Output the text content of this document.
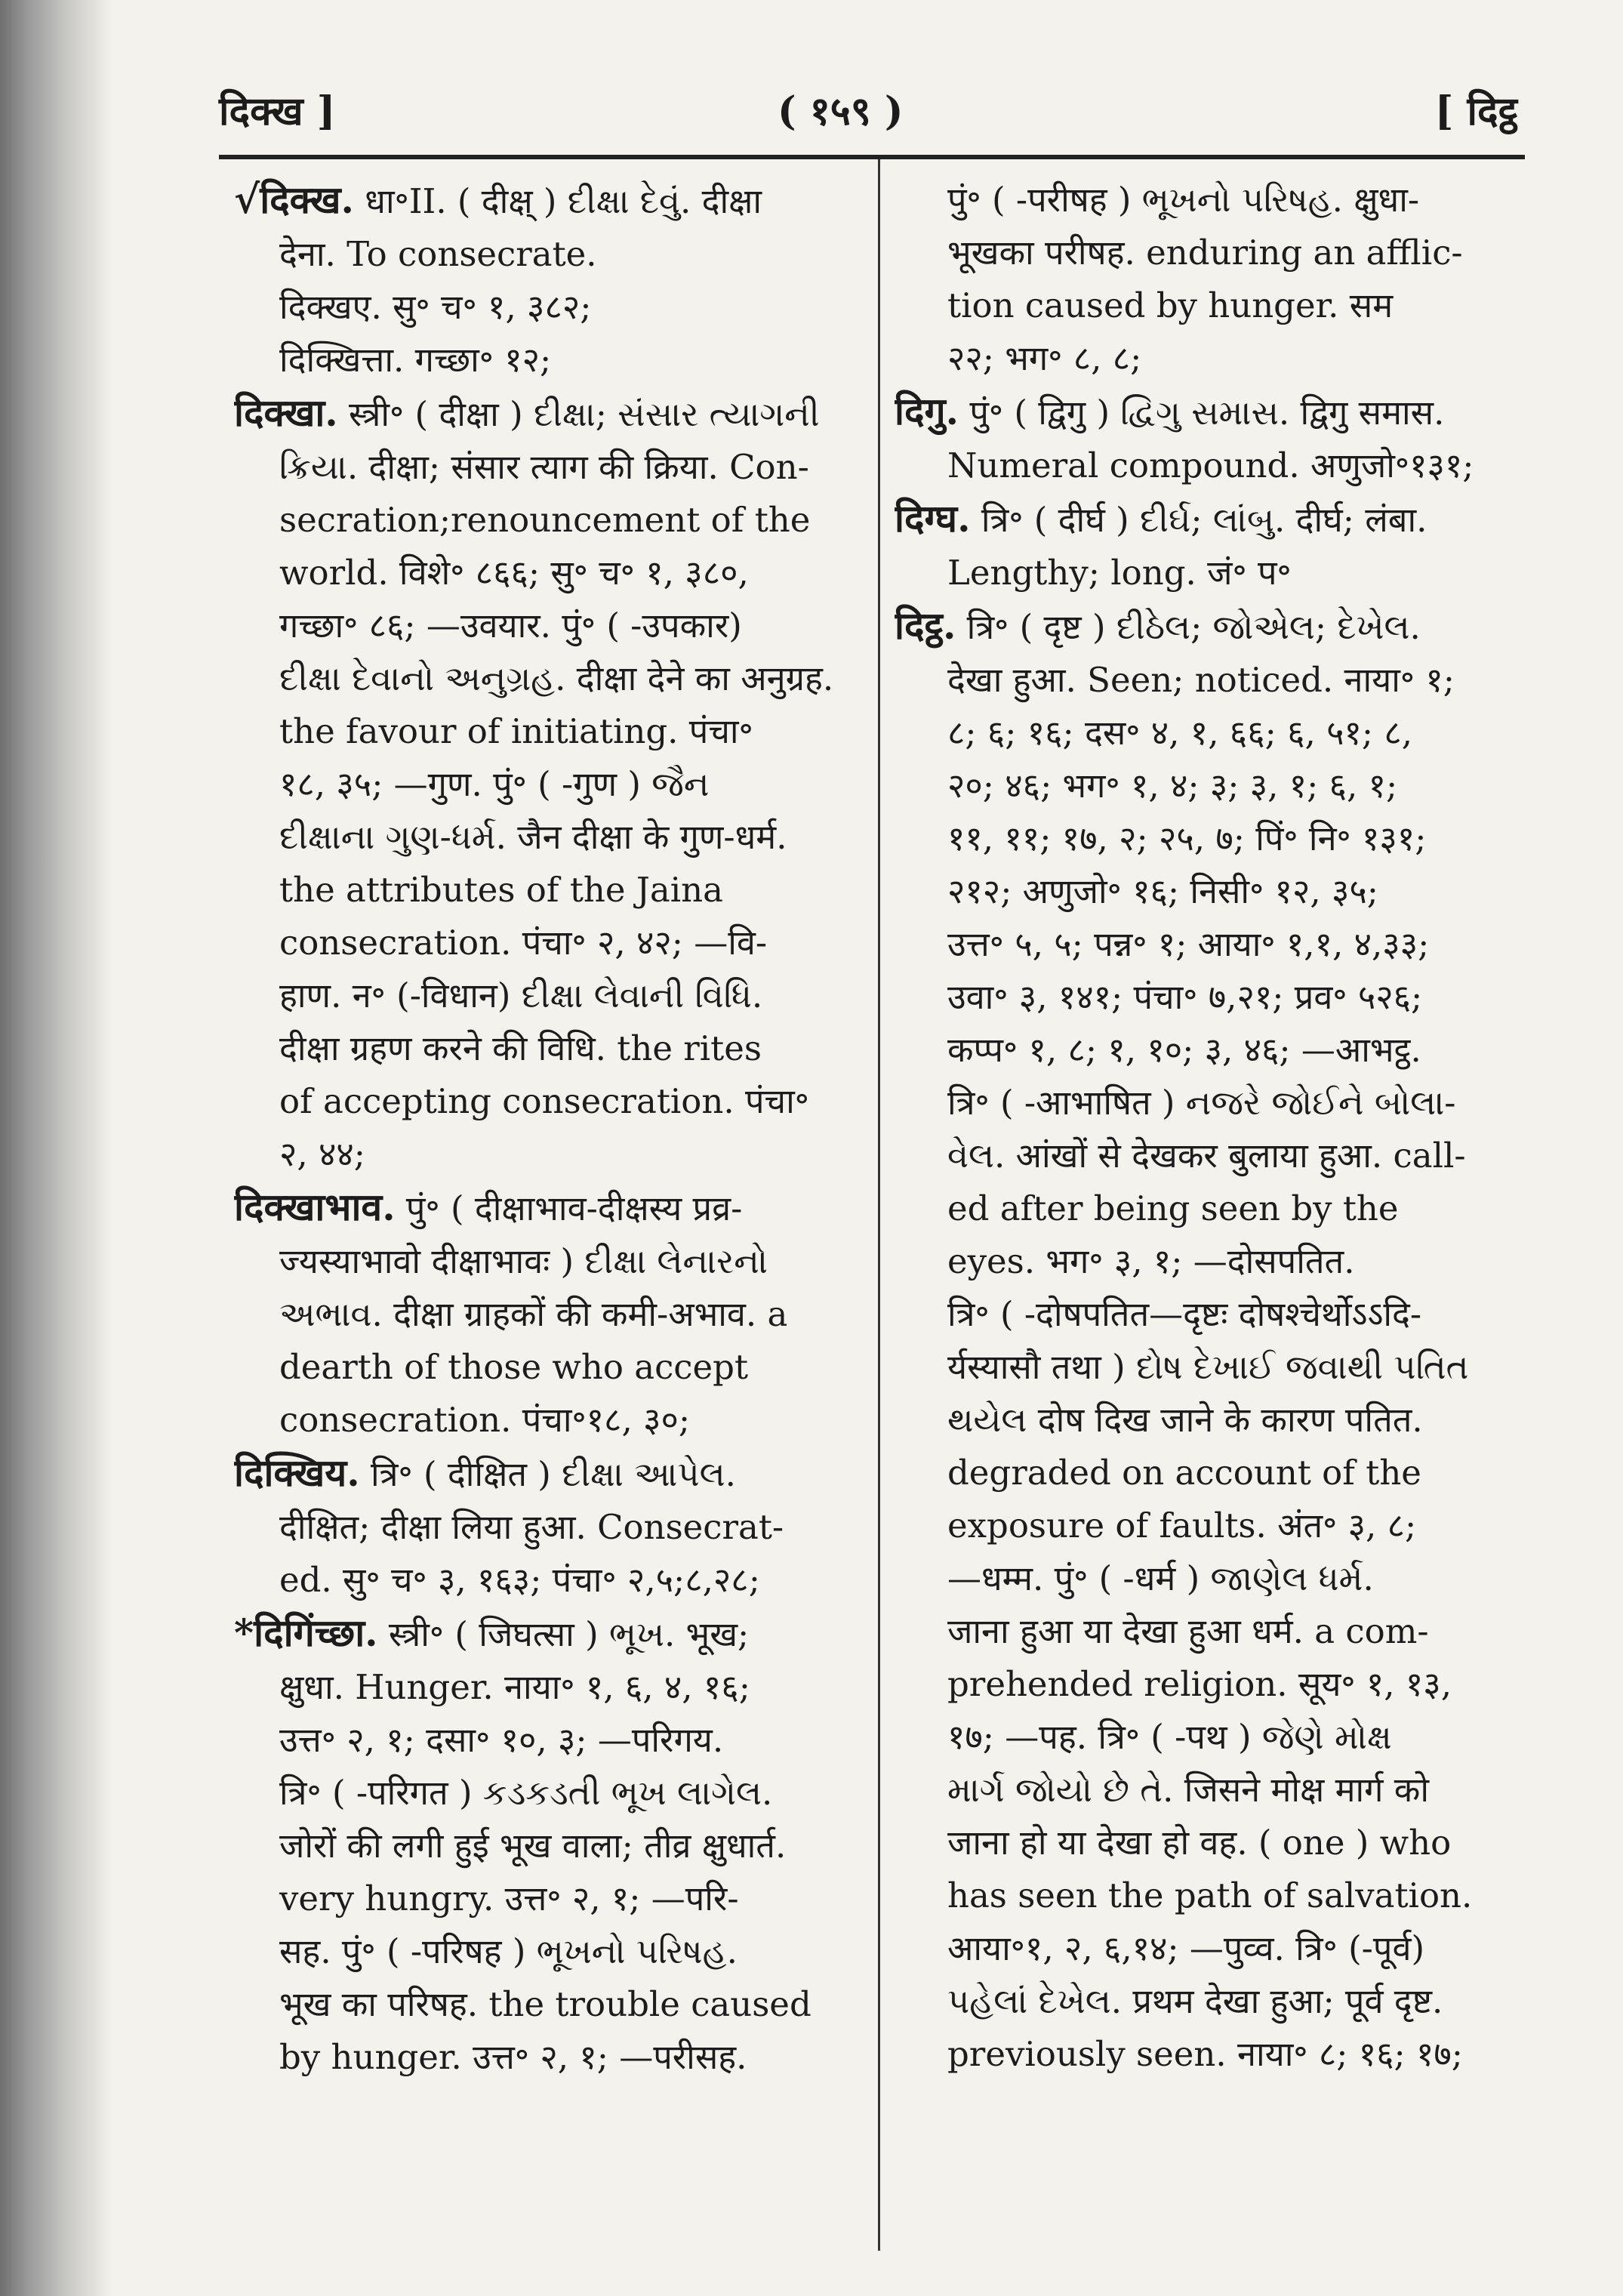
दिक्ख ]	( १५९ )	[ दिट्ठ
√दिक्ख. धा॰II. ( दीक्ष् ) દીક્ષા દેવું. दीक्षा
देना. To consecrate.
दिक्खए. सु॰ च॰ १, ३८२;
दिक्खित्ता. गच्छा॰ १२;
दिक्खा. स्त्री॰ ( दीक्षा ) દીક્ષા; સંસાર ત્યાગની
ક્રિયા. दीक्षा; संसार त्याग की क्रिया. Con-
secration;renouncement of the
world. विशे॰ ८६६; सु॰ च॰ १, ३८०,
गच्छा॰ ८६; —उवयार. पुं॰ ( -उपकार)
દીક્ષા દેવાનો અનુગ્રહ. दीक्षा देने का अनुग्रह.
the favour of initiating. पंचा॰
१८, ३५; —गुण. पुं॰ ( -गुण ) જૈન
દીક્ષાના ગુણ-ધર્મ. जैन दीक्षा के गुण-धर्म.
the attributes of the Jaina
consecration. पंचा॰ २, ४२; —वि-
हाण. न॰ (-विधान) દીક્ષા લેવાની વિધિ.
दीक्षा ग्रहण करने की विधि. the rites
of accepting consecration. पंचा॰
२, ४४;
दिक्खाभाव. पुं॰ ( दीक्षाभाव-दीक्षस्य प्रव्र-
ज्यस्याभावो दीक्षाभावः ) દીક્ષા લેનારનો
અભાવ. दीक्षा ग्राहकों की कमी-अभाव. a
dearth of those who accept
consecration. पंचा॰१८, ३०;
दिक्खिय. त्रि॰ ( दीक्षित ) દીક્ષા આપેલ.
दीक्षित; दीक्षा लिया हुआ. Consecrat-
ed. सु॰ च॰ ३, १६३; पंचा॰ २,५;८,२८;
*दिगिंच्छा. स्त्री॰ ( जिघत्सा ) ભૂખ. भूख;
क्षुधा. Hunger. नाया॰ १, ६, ४, १६;
उत्त॰ २, १; दसा॰ १०, ३; —परिगय.
त्रि॰ ( -परिगत ) કડકડતી ભૂખ લાગેલ.
जोरों की लगी हुई भूख वाला; तीव्र क्षुधार्त.
very hungry. उत्त॰ २, १; —परि-
सह. पुं॰ ( -परिषह ) ભૂખનો પરિષહ.
भूख का परिषह. the trouble caused
by hunger. उत्त॰ २, १; —परीसह.
पुं॰ ( -परीषह ) ભૂખનો પરિષહ. क्षुधा-
भूखका परीषह. enduring an afflic-
tion caused by hunger. सम
२२; भग॰ ८, ८;
दिगु. पुं॰ ( द्विगु ) દ્વિગુ સમાસ. द्विगु समास.
Numeral compound. अणुजो॰१३१;
दिग्घ. त्रि॰ ( दीर्घ ) દીર્ઘ; લાંબુ. दीर्घ; लंबा.
Lengthy; long. जं॰ प॰
दिट्ठ. त्रि॰ ( दृष्ट ) દીઠેલ; જોએલ; દેખેલ.
देखा हुआ. Seen; noticed. नाया॰ १;
८; ६; १६; दस॰ ४, १, ६६; ६, ५१; ८,
२०; ४६; भग॰ १, ४; ३; ३, १; ६, १;
११, ११; १७, २; २५, ७; पिं॰ नि॰ १३१;
२१२; अणुजो॰ १६; निसी॰ १२, ३५;
उत्त॰ ५, ५; पन्न॰ १; आया॰ १,१, ४,३३;
उवा॰ ३, १४१; पंचा॰ ७,२१; प्रव॰ ५२६;
कप्प॰ १, ८; १, १०; ३, ४६; —आभट्ठ.
त्रि॰ ( -आभाषित ) નજરે જોઈને બોલા-
વેલ. आंखों से देखकर बुलाया हुआ. call-
ed after being seen by the
eyes. भग॰ ३, १; —दोसपतित.
त्रि॰ ( -दोषपतित—दृष्टः दोषश्चेर्थोऽऽदि-
र्यस्यासौ तथा ) દોષ દેખાઈ જવાથી પતિત
થયેલ दोष दिख जाने के कारण पतित.
degraded on account of the
exposure of faults. अंत॰ ३, ८;
—धम्म. पुं॰ ( -धर्म ) જાણેલ ધર્મ.
जाना हुआ या देखा हुआ धर्म. a com-
prehended religion. सूय॰ १, १३,
१७; —पह. त्रि॰ ( -पथ ) જેણે મોક્ષ
માર્ગ જોયો છે તે. जिसने मोक्ष मार्ग को
जाना हो या देखा हो वह. ( one ) who
has seen the path of salvation.
आया॰१, २, ६,१४; —पुव्व. त्रि॰ (-पूर्व)
પહેલાં દેખેલ. प्रथम देखा हुआ; पूर्व दृष्ट.
previously seen. नाया॰ ८; १६; १७;
